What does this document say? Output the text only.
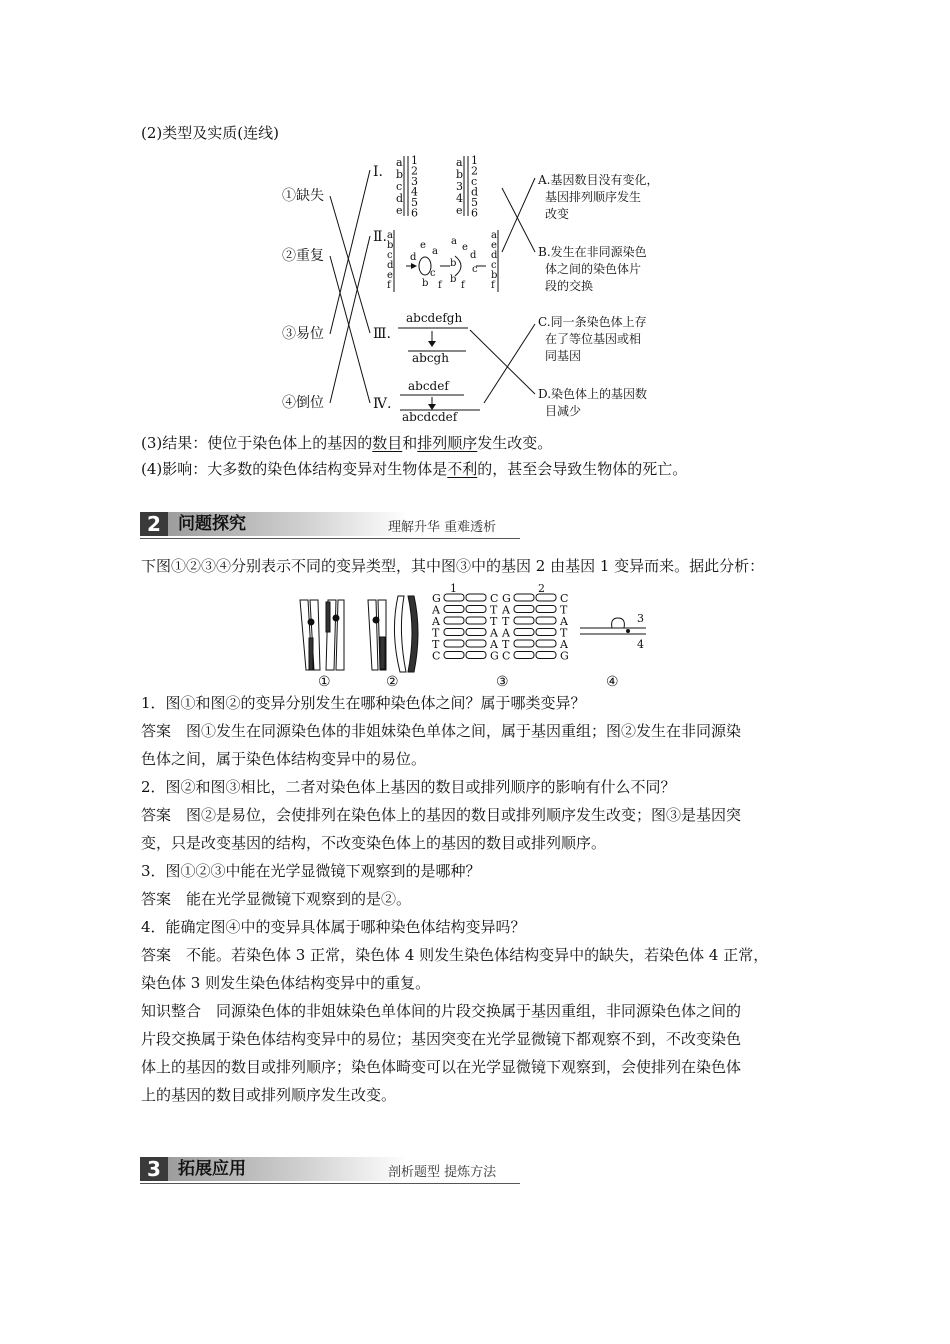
(2)类型及实质(连线)
①缺失
②重复
③易位
④倒位
Ⅰ.
Ⅱ.
Ⅲ.
Ⅳ.
a
b
c
d
e
1
2
3
4
5
6
a
b
3
4
e
1
2
c
d
5
6
a
b
c
d
e
f
a
e
d
c
b
f
d
e
a
c
b f
a
e
d
b
f
c
b
abcdefgh
abcgh
abcdef
abcdcdef
A.基因数目没有变化，
基因排列顺序发生
改变
B.发生在非同源染色
体之间的染色体片
段的交换
C.同一条染色体上存
在了等位基因或相
同基因
D.染色体上的基因数
目减少
(3)结果：使位于染色体上的基因的数目和排列顺序发生改变。
(4)影响：大多数的染色体结构变异对生物体是不利的，甚至会导致生物体的死亡。
2	问题探究	理解升华 重难透析
下图①②③④分别表示不同的变异类型，其中图③中的基因 2 由基因 1 变异而来。据此分析：
1	2
G	C
A	T
A	T
T	A
T	A
C	G
G	C
A	T
T	A
A	T
T	A
C	G
3
4
①	②	③	④
1．图①和图②的变异分别发生在哪种染色体之间？属于哪类变异？
答案　图①发生在同源染色体的非姐妹染色单体之间，属于基因重组；图②发生在非同源染
色体之间，属于染色体结构变异中的易位。
2．图②和图③相比，二者对染色体上基因的数目或排列顺序的影响有什么不同？
答案　图②是易位，会使排列在染色体上的基因的数目或排列顺序发生改变；图③是基因突
变，只是改变基因的结构，不改变染色体上的基因的数目或排列顺序。
3．图①②③中能在光学显微镜下观察到的是哪种？
答案　能在光学显微镜下观察到的是②。
4．能确定图④中的变异具体属于哪种染色体结构变异吗？
答案　不能。若染色体 3 正常，染色体 4 则发生染色体结构变异中的缺失，若染色体 4 正常，
染色体 3 则发生染色体结构变异中的重复。
知识整合　同源染色体的非姐妹染色单体间的片段交换属于基因重组，非同源染色体之间的
片段交换属于染色体结构变异中的易位；基因突变在光学显微镜下都观察不到，不改变染色
体上的基因的数目或排列顺序；染色体畸变可以在光学显微镜下观察到，会使排列在染色体
上的基因的数目或排列顺序发生改变。
3	拓展应用	剖析题型 提炼方法
